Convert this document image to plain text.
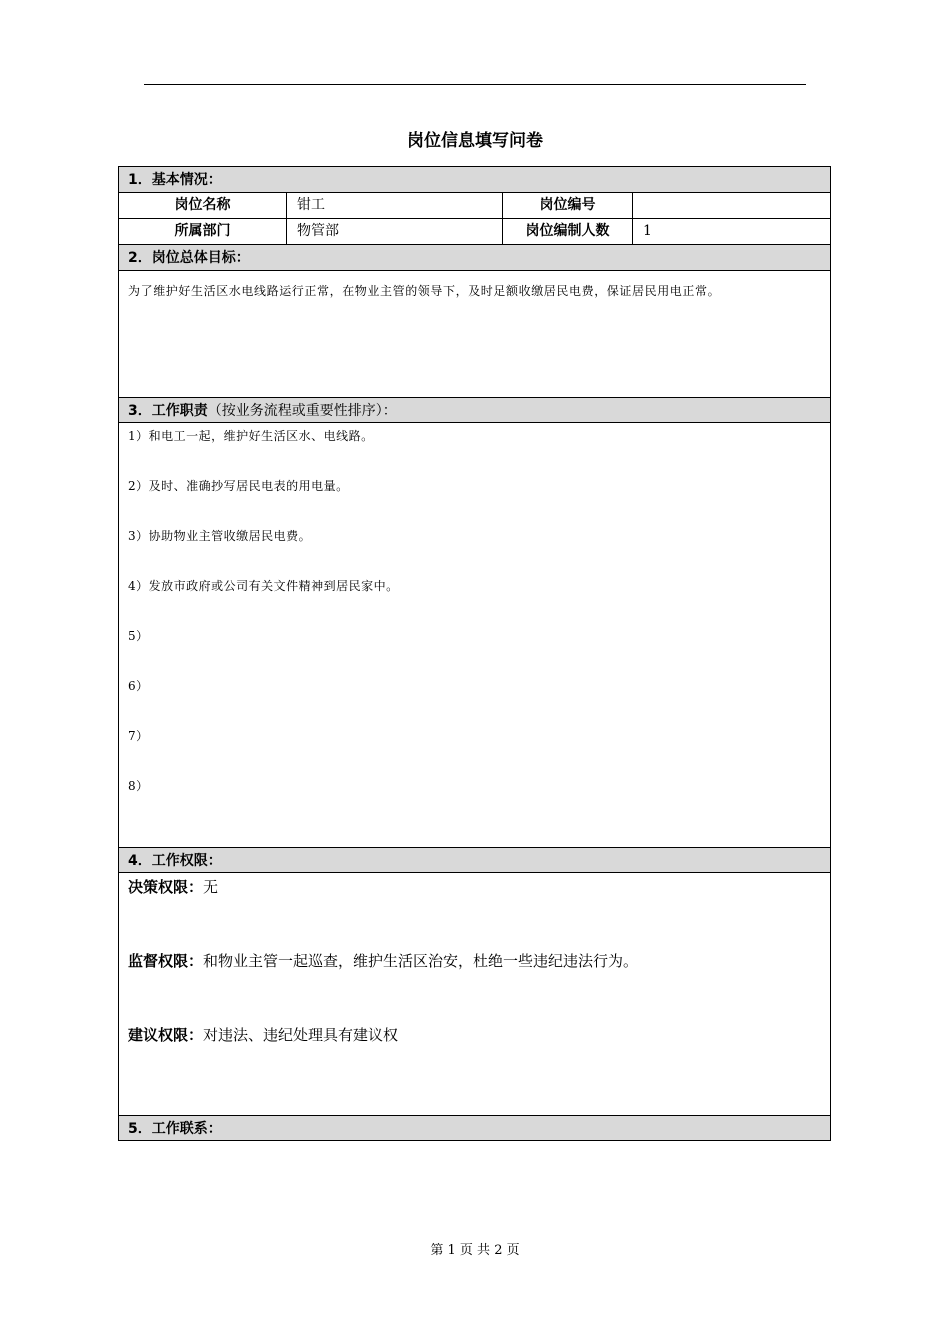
岗位信息填写问卷
1．基本情况：
岗位名称	钳工	岗位编号
所属部门	物管部	岗位编制人数	1
2．岗位总体目标：
为了维护好生活区水电线路运行正常，在物业主管的领导下，及时足额收缴居民电费，保证居民用电正常。
3．工作职责（按业务流程或重要性排序）：
1）和电工一起，维护好生活区水、电线路。
2）及时、准确抄写居民电表的用电量。
3）协助物业主管收缴居民电费。
4）发放市政府或公司有关文件精神到居民家中。
5）
6）
7）
8）
4．工作权限：
决策权限：无
监督权限：和物业主管一起巡查，维护生活区治安，杜绝一些违纪违法行为。
建议权限：对违法、违纪处理具有建议权
5．工作联系：
第 1 页 共 2 页
